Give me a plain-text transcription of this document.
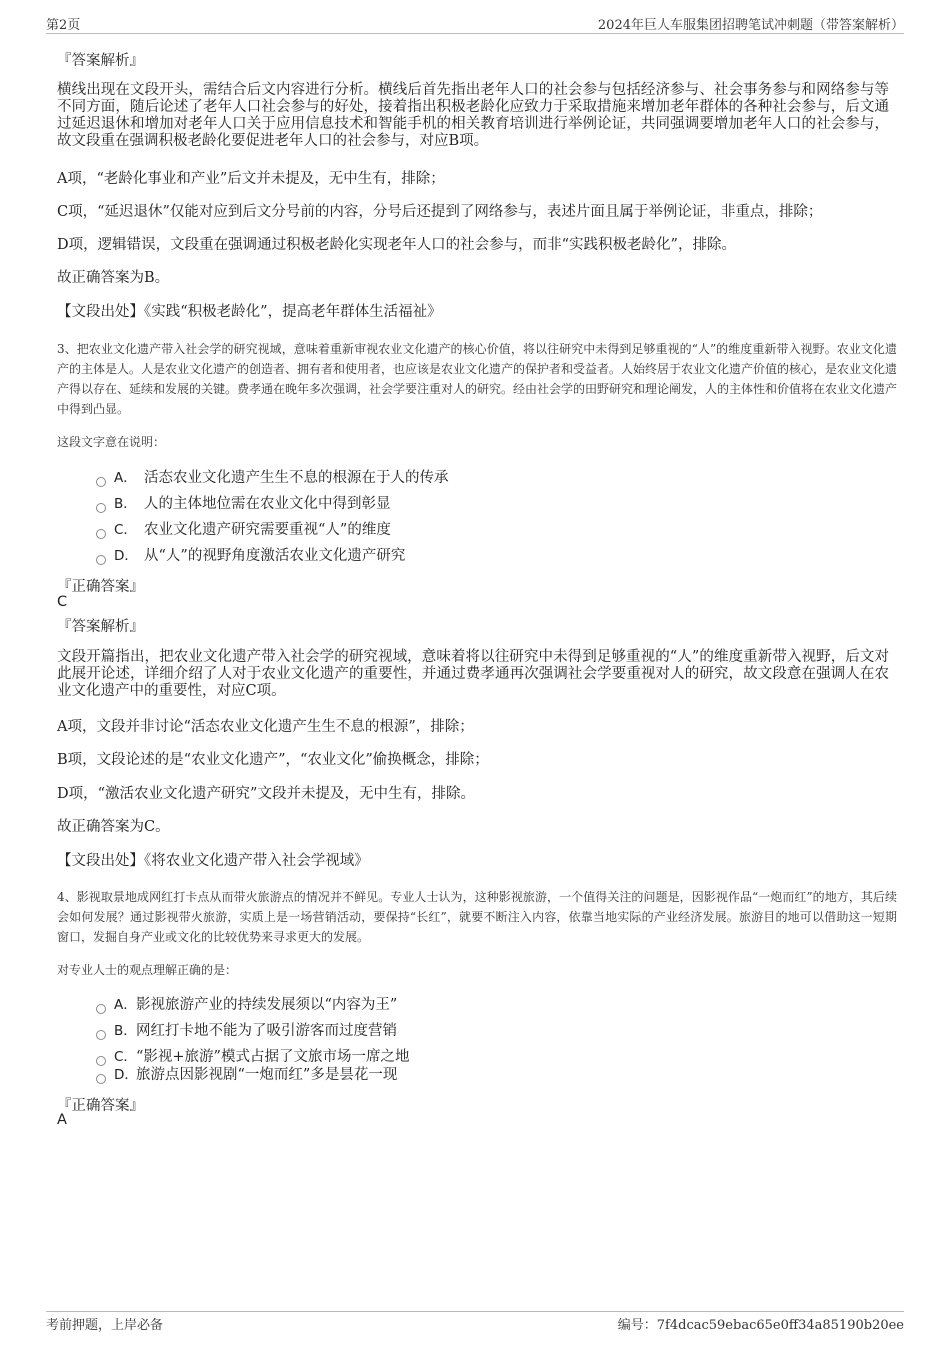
第2页	2024年巨人车服集团招聘笔试冲刺题（带答案解析）
『答案解析』
横线出现在文段开头，需结合后文内容进行分析。横线后首先指出老年人口的社会参与包括经济参与、社会事务参与和网络参与等不同方面，随后论述了老年人口社会参与的好处，接着指出积极老龄化应致力于采取措施来增加老年群体的各种社会参与，后文通过延迟退休和增加对老年人口关于应用信息技术和智能手机的相关教育培训进行举例论证，共同强调要增加老年人口的社会参与，故文段重在强调积极老龄化要促进老年人口的社会参与，对应B项。
A项，“老龄化事业和产业”后文并未提及，无中生有，排除；
C项，“延迟退休”仅能对应到后文分号前的内容，分号后还提到了网络参与，表述片面且属于举例论证，非重点，排除；
D项，逻辑错误，文段重在强调通过积极老龄化实现老年人口的社会参与，而非“实践积极老龄化”，排除。
故正确答案为B。
【文段出处】《实践“积极老龄化”，提高老年群体生活福祉》
3、把农业文化遗产带入社会学的研究视域，意味着重新审视农业文化遗产的核心价值，将以往研究中未得到足够重视的“人”的维度重新带入视野。农业文化遗产的主体是人。人是农业文化遗产的创造者、拥有者和使用者，也应该是农业文化遗产的保护者和受益者。人始终居于农业文化遗产价值的核心，是农业文化遗产得以存在、延续和发展的关键。费孝通在晚年多次强调，社会学要注重对人的研究。经由社会学的田野研究和理论阐发，人的主体性和价值将在农业文化遗产中得到凸显。
这段文字意在说明：
A． 活态农业文化遗产生生不息的根源在于人的传承
B． 人的主体地位需在农业文化中得到彰显
C． 农业文化遗产研究需要重视“人”的维度
D． 从“人”的视野角度激活农业文化遗产研究
『正确答案』
C
『答案解析』
文段开篇指出，把农业文化遗产带入社会学的研究视域，意味着将以往研究中未得到足够重视的“人”的维度重新带入视野，后文对此展开论述，详细介绍了人对于农业文化遗产的重要性，并通过费孝通再次强调社会学要重视对人的研究，故文段意在强调人在农业文化遗产中的重要性，对应C项。
A项，文段并非讨论“活态农业文化遗产生生不息的根源”，排除；
B项，文段论述的是“农业文化遗产”，“农业文化”偷换概念，排除；
D项，“激活农业文化遗产研究”文段并未提及，无中生有，排除。
故正确答案为C。
【文段出处】《将农业文化遗产带入社会学视域》
4、影视取景地成网红打卡点从而带火旅游点的情况并不鲜见。专业人士认为，这种影视旅游，一个值得关注的问题是，因影视作品“一炮而红”的地方，其后续会如何发展？通过影视带火旅游，实质上是一场营销活动，要保持“长红”，就要不断注入内容，依靠当地实际的产业经济发展。旅游目的地可以借助这一短期窗口，发掘自身产业或文化的比较优势来寻求更大的发展。
对专业人士的观点理解正确的是：
A．影视旅游产业的持续发展须以“内容为王”
B．网红打卡地不能为了吸引游客而过度营销
C．“影视+旅游”模式占据了文旅市场一席之地
D．旅游点因影视剧“一炮而红”多是昙花一现
『正确答案』
A
考前押题，上岸必备	编号：7f4dcac59ebac65e0ff34a85190b20ee
